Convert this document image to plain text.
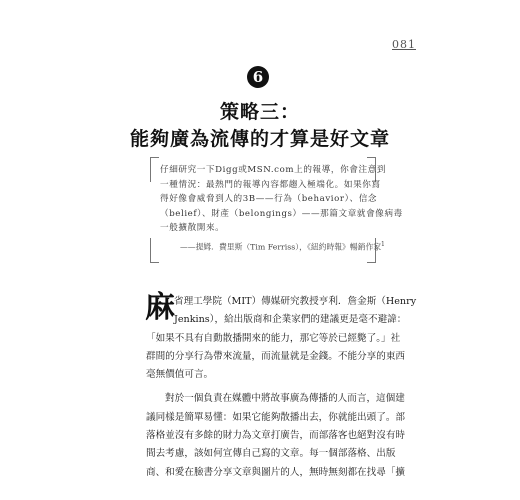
081
6
策略三：
能夠廣為流傳的才算是好文章
仔細研究一下Digg或MSN.com上的報導，你會注意到
一種情況：最熱門的報導內容都趨入極端化。如果你寫
得好像會威脅到人的3B——行為（behavior）、信念
（belief）、財產（belongings）——那篇文章就會像病毒
一般擴散開來。
——提姆．費里斯（Tim Ferriss），《紐約時報》暢銷作家$^1$
麻 省理工學院（MIT）傳媒研究教授亨利．詹金斯（Henry
Jenkins），給出版商和企業家們的建議更是毫不避諱：
「如果不具有自動散播開來的能力，那它等於已經斃了。」社
群間的分享行為帶來流量，而流量就是金錢。不能分享的東西
毫無價值可言。
對於一個負責在媒體中將故事廣為傳播的人而言，這個建
議同樣是簡單易懂：如果它能夠散播出去，你就能出頭了。部
落格並沒有多餘的財力為文章打廣告，而部落客也絕對沒有時
間去考慮，該如何宣傳自己寫的文章。每一個部落格、出版
商、和愛在臉書分享文章與圖片的人，無時無刻都在找尋「擴
